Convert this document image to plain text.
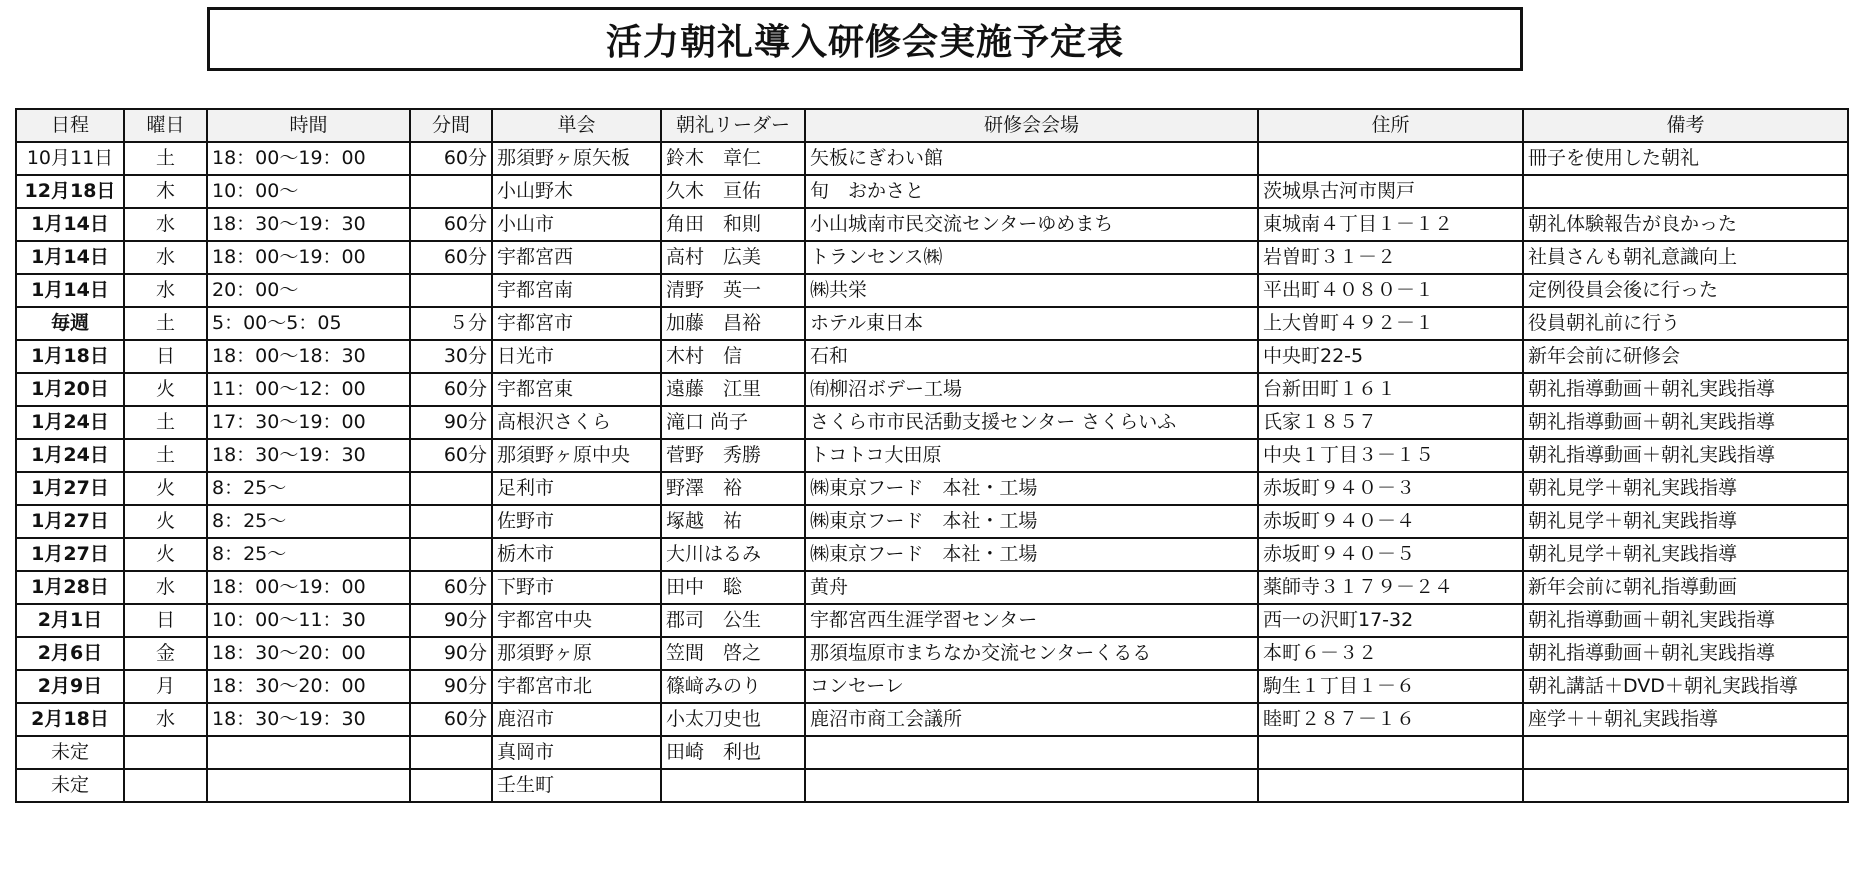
活力朝礼導入研修会実施予定表
日程	曜日	時間	分間	単会	朝礼リーダー	研修会会場	住所	備考
10月11日	土	18：00～19：00	60分	那須野ヶ原矢板	鈴木　章仁	矢板にぎわい館		冊子を使用した朝礼
12月18日	木	10：00～		小山野木	久木　亘佑	旬　おかさと	茨城県古河市関戸	
1月14日	水	18：30～19：30	60分	小山市	角田　和則	小山城南市民交流センターゆめまち	東城南４丁目１－１２	朝礼体験報告が良かった
1月14日	水	18：00～19：00	60分	宇都宮西	高村　広美	トランセンス㈱	岩曽町３１－２	社員さんも朝礼意識向上
1月14日	水	20：00～		宇都宮南	清野　英一	㈱共栄	平出町４０８０－１	定例役員会後に行った
毎週	土	5：00～5：05	５分	宇都宮市	加藤　昌裕	ホテル東日本	上大曽町４９２－１	役員朝礼前に行う
1月18日	日	18：00～18：30	30分	日光市	木村　信	石和	中央町22-5	新年会前に研修会
1月20日	火	11：00～12：00	60分	宇都宮東	遠藤　江里	㈲柳沼ボデー工場	台新田町１６１	朝礼指導動画＋朝礼実践指導
1月24日	土	17：30～19：00	90分	高根沢さくら	滝口 尚子	さくら市市民活動支援センター さくらいふ	氏家１８５７	朝礼指導動画＋朝礼実践指導
1月24日	土	18：30～19：30	60分	那須野ヶ原中央	菅野　秀勝	トコトコ大田原	中央１丁目３－１５	朝礼指導動画＋朝礼実践指導
1月27日	火	8：25～		足利市	野澤　裕	㈱東京フード　本社・工場	赤坂町９４０－３	朝礼見学＋朝礼実践指導
1月27日	火	8：25～		佐野市	塚越　祐	㈱東京フード　本社・工場	赤坂町９４０－４	朝礼見学＋朝礼実践指導
1月27日	火	8：25～		栃木市	大川はるみ	㈱東京フード　本社・工場	赤坂町９４０－５	朝礼見学＋朝礼実践指導
1月28日	水	18：00～19：00	60分	下野市	田中　聡	黄舟	薬師寺３１７９－２４	新年会前に朝礼指導動画
2月1日	日	10：00～11：30	90分	宇都宮中央	郡司　公生	宇都宮西生涯学習センター	西一の沢町17-32	朝礼指導動画＋朝礼実践指導
2月6日	金	18：30～20：00	90分	那須野ヶ原	笠間　啓之	那須塩原市まちなか交流センターくるる	本町６－３２	朝礼指導動画＋朝礼実践指導
2月9日	月	18：30～20：00	90分	宇都宮市北	篠﨑みのり	コンセーレ	駒生１丁目１－６	朝礼講話＋DVD＋朝礼実践指導
2月18日	水	18：30～19：30	60分	鹿沼市	小太刀史也	鹿沼市商工会議所	睦町２８７－１６	座学＋＋朝礼実践指導
未定				真岡市	田崎　利也			
未定				壬生町				
